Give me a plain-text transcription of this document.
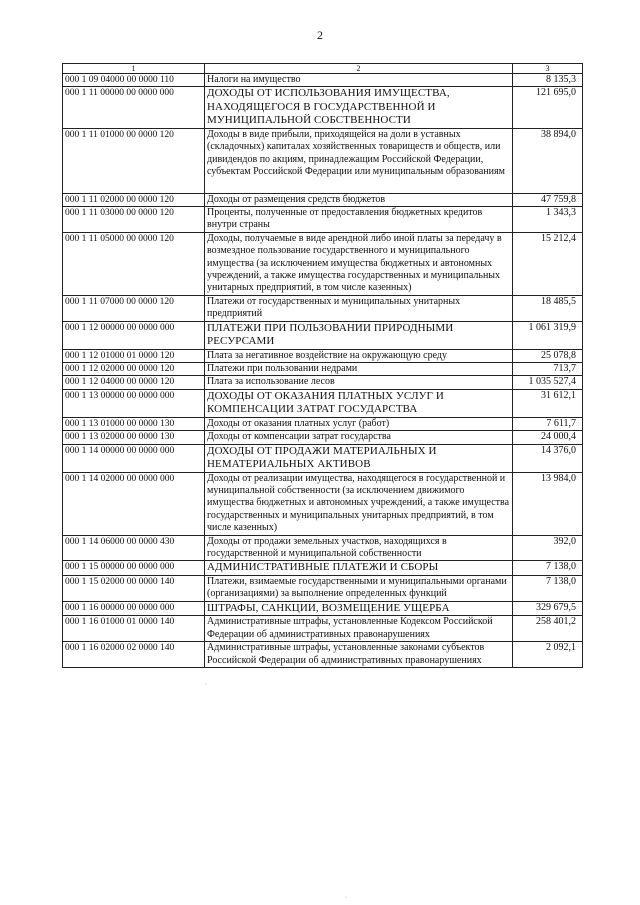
2
1	2	3
000 1 09 04000 00 0000 110	Налоги на имущество	8 135,3
000 1 11 00000 00 0000 000	ДОХОДЫ ОТ ИСПОЛЬЗОВАНИЯ ИМУЩЕСТВА, НАХОДЯЩЕГОСЯ В ГОСУДАРСТВЕННОЙ И МУНИЦИПАЛЬНОЙ СОБСТВЕННОСТИ	121 695,0
000 1 11 01000 00 0000 120	Доходы в виде прибыли, приходящейся на доли в уставных (складочных) капиталах хозяйственных товариществ и обществ, или дивидендов по акциям, принадлежащим Российской Федерации, субъектам Российской Федерации или муниципальным образованиям	38 894,0
000 1 11 02000 00 0000 120	Доходы от размещения средств бюджетов	47 759,8
000 1 11 03000 00 0000 120	Проценты, полученные от предоставления бюджетных кредитов внутри страны	1 343,3
000 1 11 05000 00 0000 120	Доходы, получаемые в виде арендной либо иной платы за передачу в возмездное пользование государственного и муниципального имущества (за исключением имущества бюджетных и автономных учреждений, а также имущества государственных и муниципальных унитарных предприятий, в том числе казенных)	15 212,4
000 1 11 07000 00 0000 120	Платежи от государственных и муниципальных унитарных предприятий	18 485,5
000 1 12 00000 00 0000 000	ПЛАТЕЖИ ПРИ ПОЛЬЗОВАНИИ ПРИРОДНЫМИ РЕСУРСАМИ	1 061 319,9
000 1 12 01000 01 0000 120	Плата за негативное воздействие на окружающую среду	25 078,8
000 1 12 02000 00 0000 120	Платежи при пользовании недрами	713,7
000 1 12 04000 00 0000 120	Плата за использование лесов	1 035 527,4
000 1 13 00000 00 0000 000	ДОХОДЫ ОТ ОКАЗАНИЯ ПЛАТНЫХ УСЛУГ И КОМПЕНСАЦИИ ЗАТРАТ ГОСУДАРСТВА	31 612,1
000 1 13 01000 00 0000 130	Доходы от оказания платных услуг (работ)	7 611,7
000 1 13 02000 00 0000 130	Доходы от компенсации затрат государства	24 000,4
000 1 14 00000 00 0000 000	ДОХОДЫ ОТ ПРОДАЖИ МАТЕРИАЛЬНЫХ И НЕМАТЕРИАЛЬНЫХ АКТИВОВ	14 376,0
000 1 14 02000 00 0000 000	Доходы от реализации имущества, находящегося в государственной и муниципальной собственности (за исключением движимого имущества бюджетных и автономных учреждений, а также имущества государственных и муниципальных унитарных предприятий, в том числе казенных)	13 984,0
000 1 14 06000 00 0000 430	Доходы от продажи земельных участков, находящихся в государственной и муниципальной собственности	392,0
000 1 15 00000 00 0000 000	АДМИНИСТРАТИВНЫЕ ПЛАТЕЖИ И СБОРЫ	7 138,0
000 1 15 02000 00 0000 140	Платежи, взимаемые государственными и муниципальными органами (организациями) за выполнение определенных функций	7 138,0
000 1 16 00000 00 0000 000	ШТРАФЫ, САНКЦИИ, ВОЗМЕЩЕНИЕ УЩЕРБА	329 679,5
000 1 16 01000 01 0000 140	Административные штрафы, установленные Кодексом Российской Федерации об административных правонарушениях	258 401,2
000 1 16 02000 02 0000 140	Административные штрафы, установленные законами субъектов Российской Федерации об административных правонарушениях	2 092,1
·
·
